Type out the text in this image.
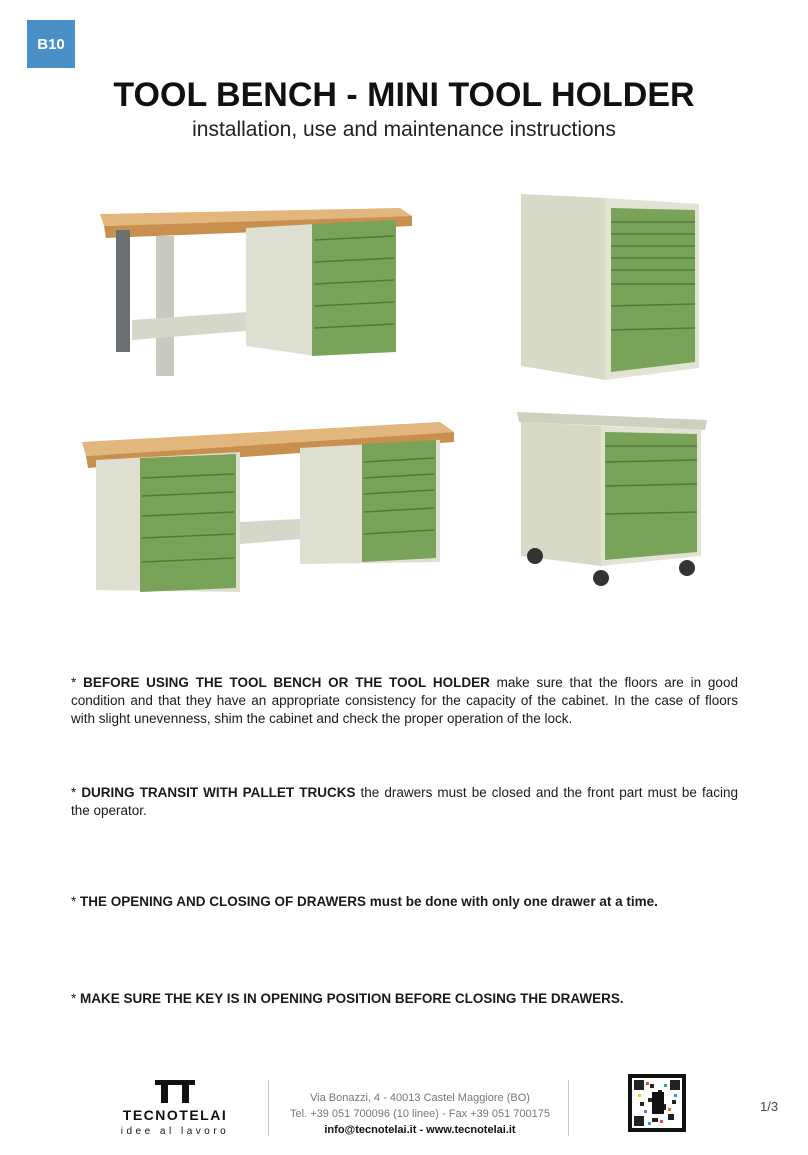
B10
TOOL BENCH - MINI TOOL HOLDER
installation, use and maintenance instructions

* BEFORE USING THE TOOL BENCH OR THE TOOL HOLDER make sure that the floors are in good condition and that they have an appropriate consistency for the capacity of the cabinet. In the case of floors with slight unevenness, shim the cabinet and check the proper operation of the lock.

* DURING TRANSIT WITH PALLET TRUCKS the drawers must be closed and the front part must be facing the operator.

* THE OPENING AND CLOSING OF DRAWERS must be done with only one drawer at a time.

* MAKE SURE THE KEY IS IN OPENING POSITION BEFORE CLOSING THE DRAWERS.

TECNOTELAI
idee al lavoro
Via Bonazzi, 4 - 40013 Castel Maggiore (BO)
Tel. +39 051 700096 (10 linee) - Fax +39 051 700175
info@tecnotelai.it - www.tecnotelai.it
1/3
